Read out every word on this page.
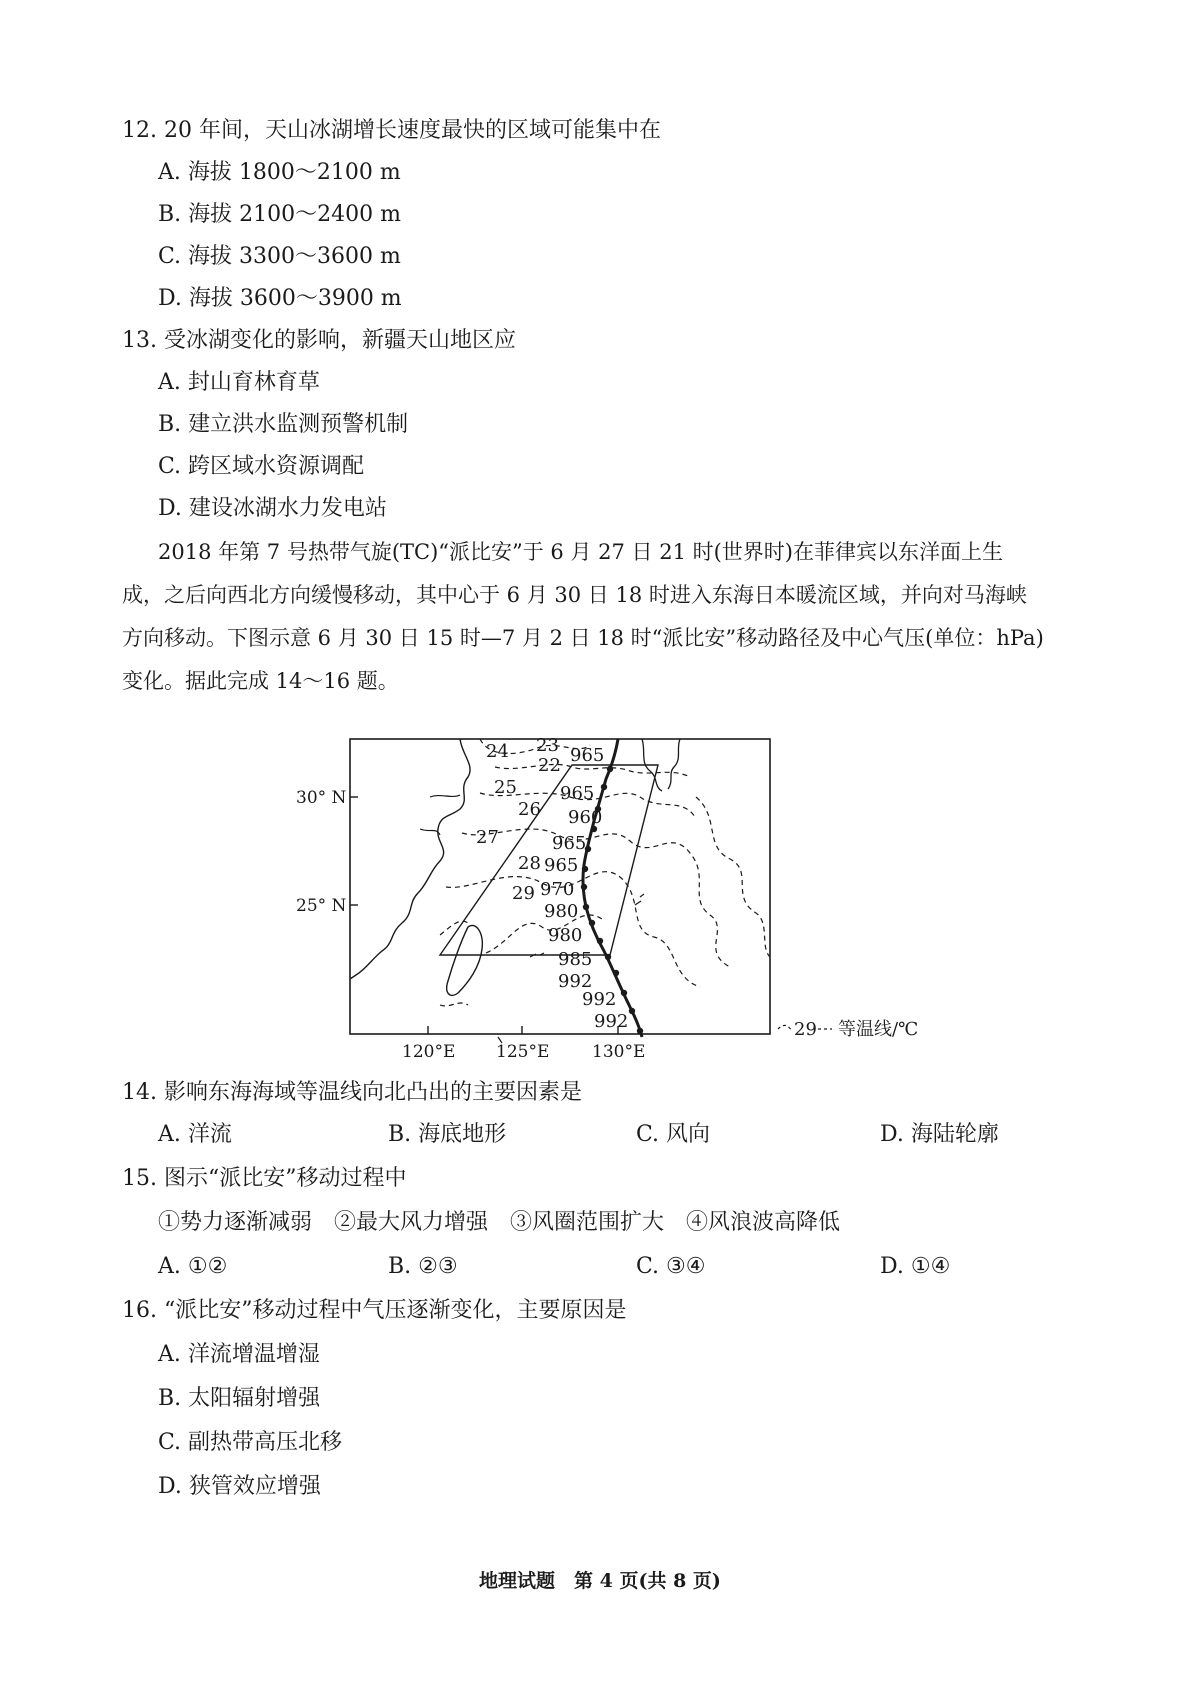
12. 20 年间，天山冰湖增长速度最快的区域可能集中在
A. 海拔 1800～2100 m
B. 海拔 2100～2400 m
C. 海拔 3300～3600 m
D. 海拔 3600～3900 m
13. 受冰湖变化的影响，新疆天山地区应
A. 封山育林育草
B. 建立洪水监测预警机制
C. 跨区域水资源调配
D. 建设冰湖水力发电站
2018 年第 7 号热带气旋(TC)“派比安”于 6 月 27 日 21 时(世界时)在菲律宾以东洋面上生
成，之后向西北方向缓慢移动，其中心于 6 月 30 日 18 时进入东海日本暖流区域，并向对马海峡
方向移动。下图示意 6 月 30 日 15 时—7 月 2 日 18 时“派比安”移动路径及中心气压(单位：hPa)
变化。据此完成 14～16 题。
30° N
25° N
120°E 125°E	130°E
24 23
22
25
26
27
28
29
965
965
960
965
965
970
980
980
985
992
992
992	29 等温线/℃
14. 影响东海海域等温线向北凸出的主要因素是
A. 洋流	B. 海底地形	C. 风向	D. 海陆轮廓
15. 图示“派比安”移动过程中
①势力逐渐减弱　②最大风力增强　③风圈范围扩大　④风浪波高降低
A. ①②	B. ②③	C. ③④	D. ①④
16. “派比安”移动过程中气压逐渐变化，主要原因是
A. 洋流增温增湿
B. 太阳辐射增强
C. 副热带高压北移
D. 狭管效应增强
地理试题　第 4 页(共 8 页)
